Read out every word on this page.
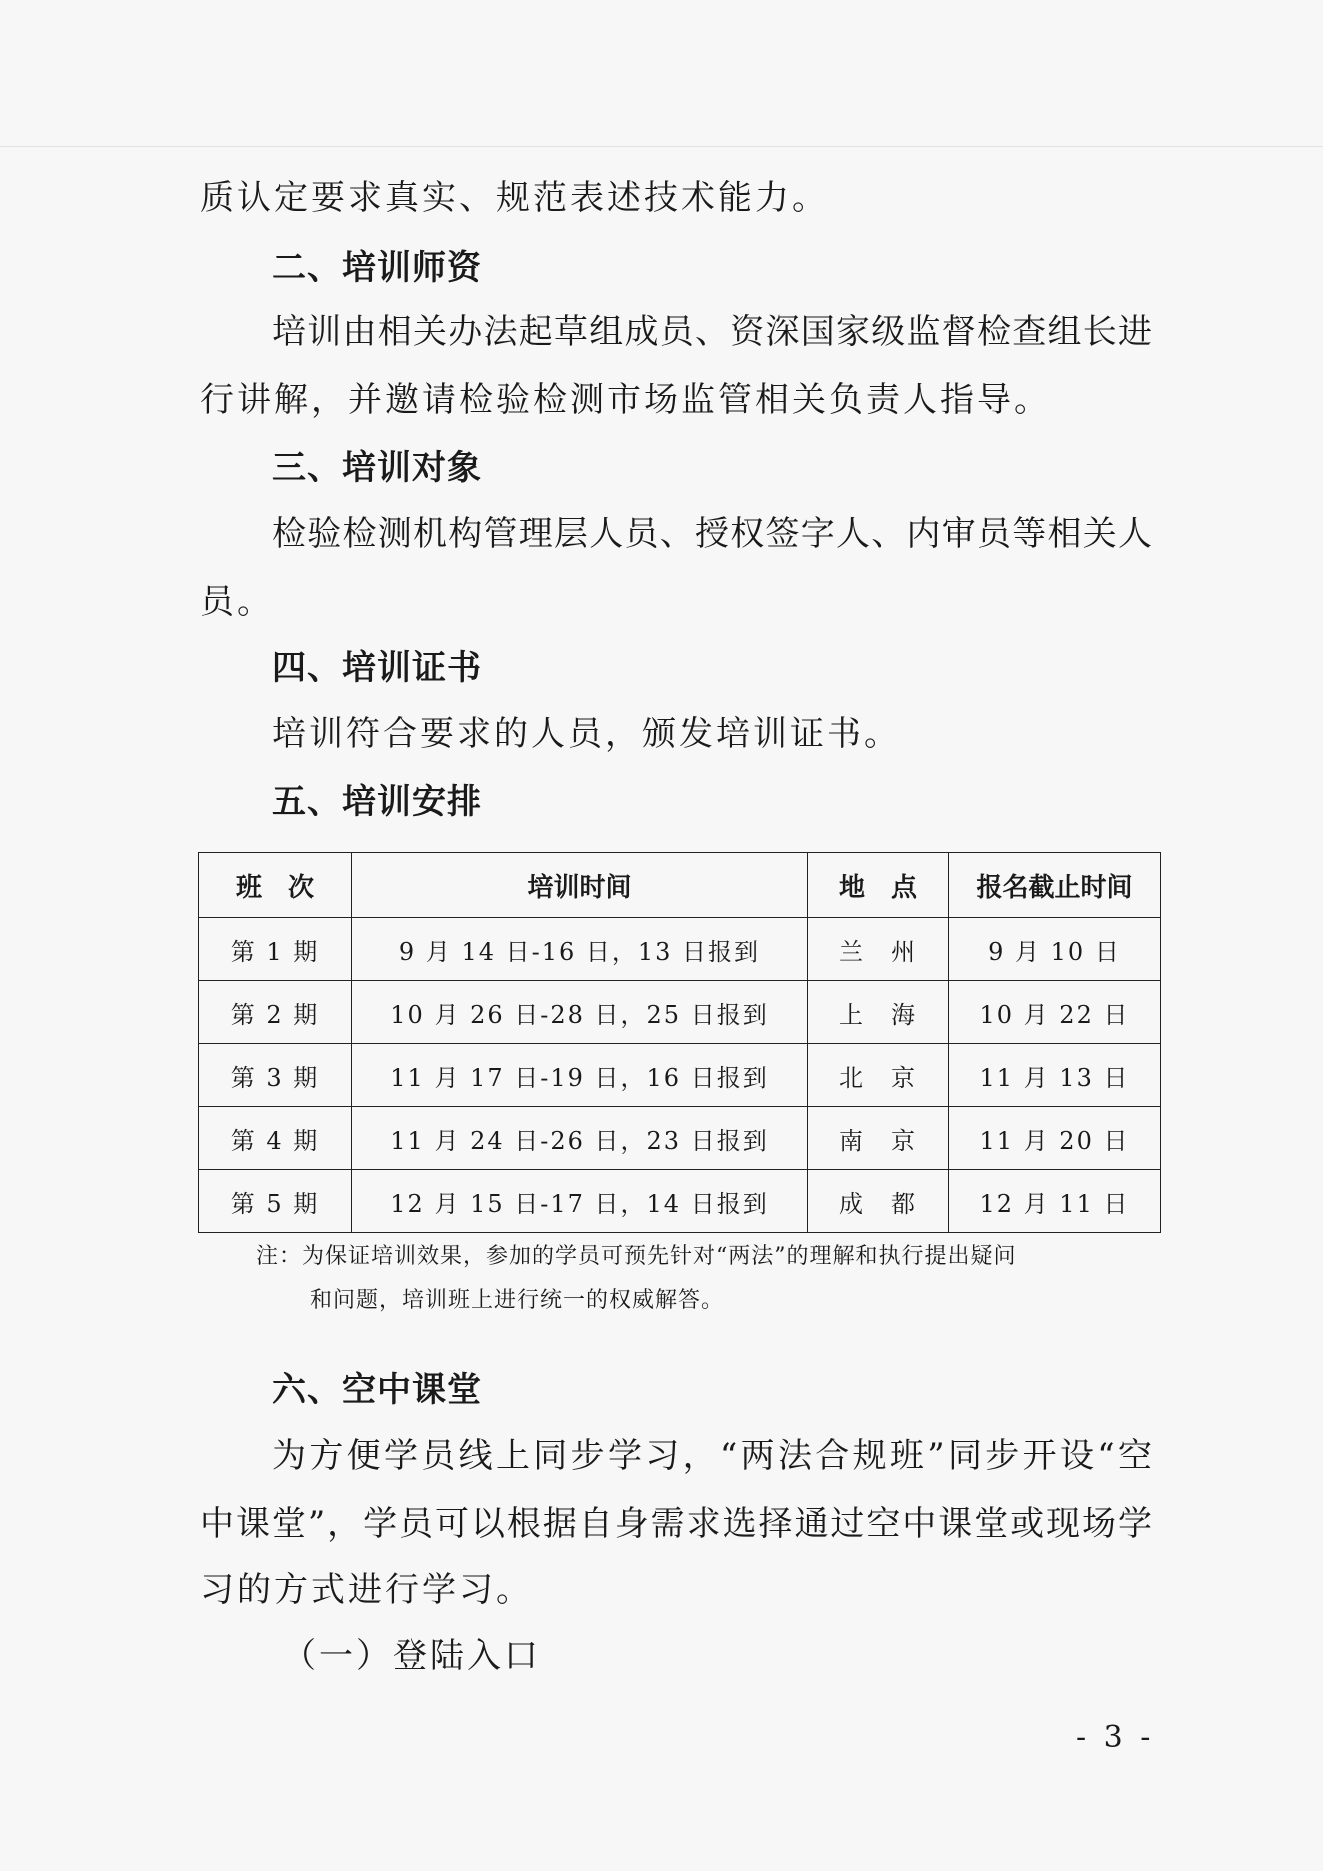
质认定要求真实、规范表述技术能力。

二、培训师资

培训由相关办法起草组成员、资深国家级监督检查组长进

行讲解，并邀请检验检测市场监管相关负责人指导。

三、培训对象

检验检测机构管理层人员、授权签字人、内审员等相关人

员。

四、培训证书

培训符合要求的人员，颁发培训证书。

五、培训安排

班　次	培训时间	地　点	报名截止时间
第 1 期	9 月 14 日-16 日，13 日报到	兰　州	9 月 10 日
第 2 期	10 月 26 日-28 日，25 日报到	上　海	10 月 22 日
第 3 期	11 月 17 日-19 日，16 日报到	北　京	11 月 13 日
第 4 期	11 月 24 日-26 日，23 日报到	南　京	11 月 20 日
第 5 期	12 月 15 日-17 日，14 日报到	成　都	12 月 11 日

注：为保证培训效果，参加的学员可预先针对“两法”的理解和执行提出疑问

和问题，培训班上进行统一的权威解答。

六、空中课堂

为方便学员线上同步学习，“两法合规班”同步开设“空

中课堂”，学员可以根据自身需求选择通过空中课堂或现场学

习的方式进行学习。

（一）登陆入口

- 3 -
